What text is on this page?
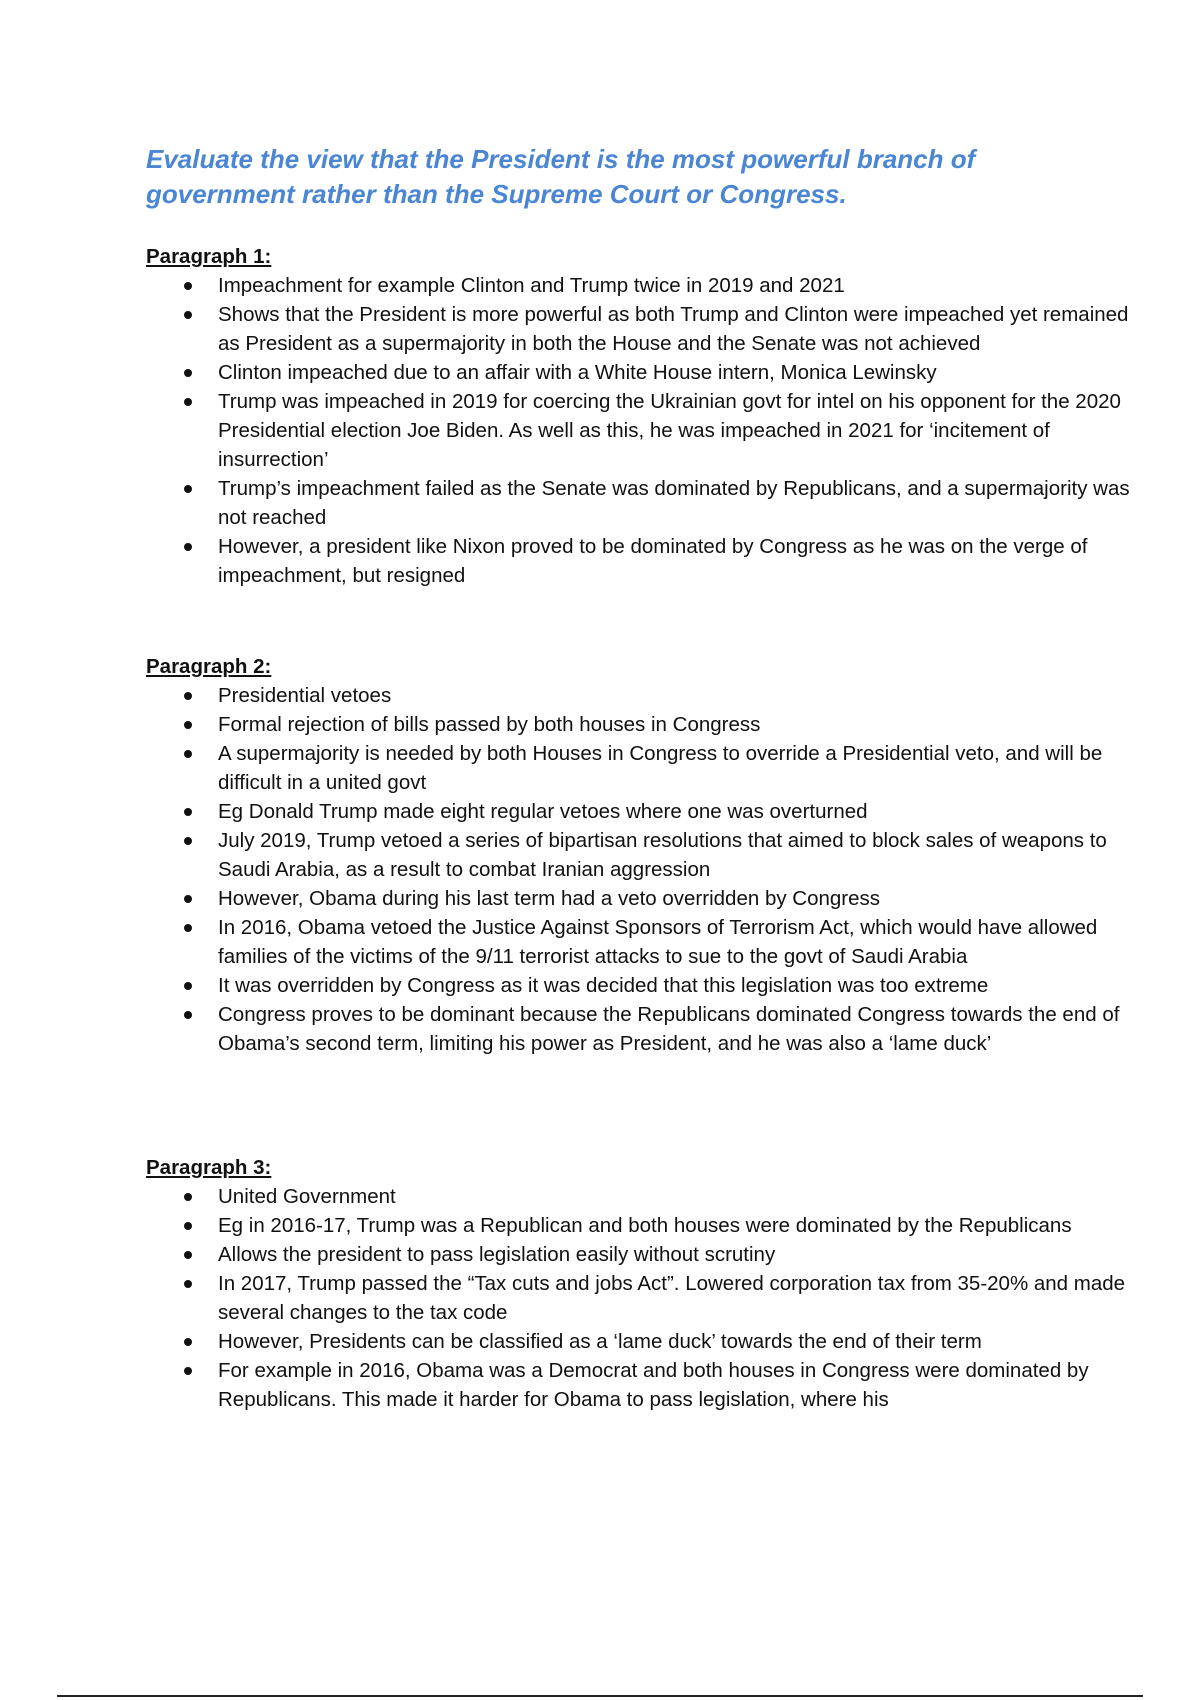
Evaluate the view that the President is the most powerful branch of government rather than the Supreme Court or Congress.
Paragraph 1:
Impeachment for example Clinton and Trump twice in 2019 and 2021
Shows that the President is more powerful as both Trump and Clinton were impeached yet remained as President as a supermajority in both the House and the Senate was not achieved
Clinton impeached due to an affair with a White House intern, Monica Lewinsky
Trump was impeached in 2019 for coercing the Ukrainian govt for intel on his opponent for the 2020 Presidential election Joe Biden. As well as this, he was impeached in 2021 for ‘incitement of insurrection’
Trump’s impeachment failed as the Senate was dominated by Republicans, and a supermajority was not reached
However, a president like Nixon proved to be dominated by Congress as he was on the verge of impeachment, but resigned
Paragraph 2:
Presidential vetoes
Formal rejection of bills passed by both houses in Congress
A supermajority is needed by both Houses in Congress to override a Presidential veto, and will be difficult in a united govt
Eg Donald Trump made eight regular vetoes where one was overturned
July 2019, Trump vetoed a series of bipartisan resolutions that aimed to block sales of weapons to Saudi Arabia, as a result to combat Iranian aggression
However, Obama during his last term had a veto overridden by Congress
In 2016, Obama vetoed the Justice Against Sponsors of Terrorism Act, which would have allowed families of the victims of the 9/11 terrorist attacks to sue to the govt of Saudi Arabia
It was overridden by Congress as it was decided that this legislation was too extreme
Congress proves to be dominant because the Republicans dominated Congress towards the end of Obama’s second term, limiting his power as President, and he was also a ‘lame duck’
Paragraph 3:
United Government
Eg in 2016-17, Trump was a Republican and both houses were dominated by the Republicans
Allows the president to pass legislation easily without scrutiny
In 2017, Trump passed the “Tax cuts and jobs Act”. Lowered corporation tax from 35-20% and made several changes to the tax code
However, Presidents can be classified as a ‘lame duck’ towards the end of their term
For example in 2016, Obama was a Democrat and both houses in Congress were dominated by Republicans. This made it harder for Obama to pass legislation, where his
